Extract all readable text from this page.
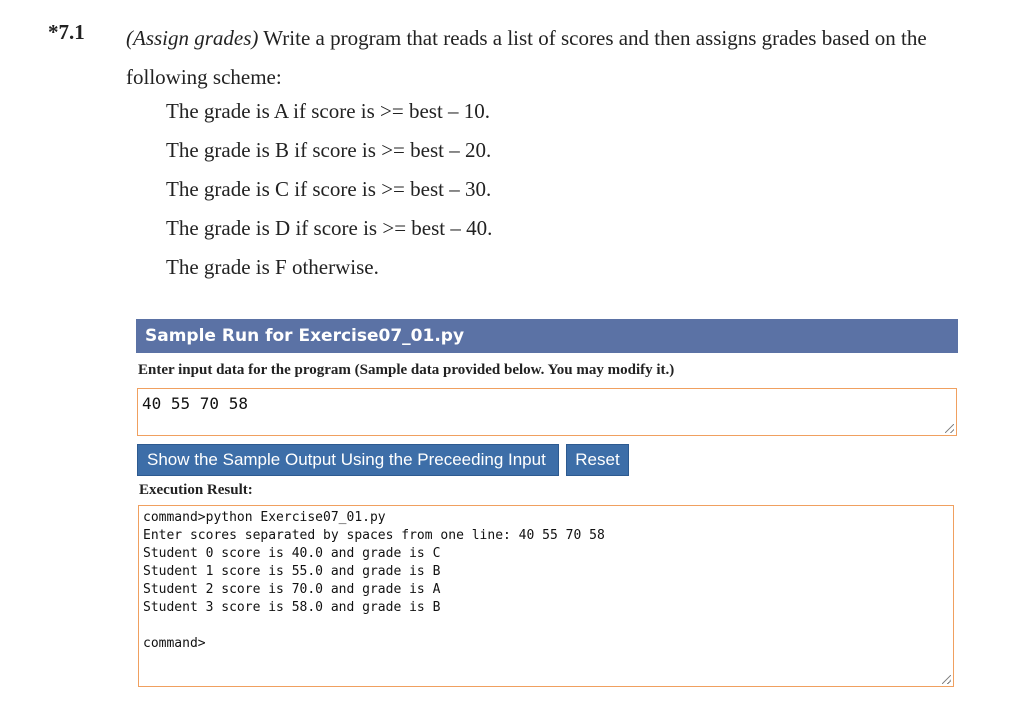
*7.1 (Assign grades) Write a program that reads a list of scores and then assigns grades based on the following scheme:
The grade is A if score is >= best – 10.
The grade is B if score is >= best – 20.
The grade is C if score is >= best – 30.
The grade is D if score is >= best – 40.
The grade is F otherwise.
Sample Run for Exercise07_01.py
Enter input data for the program (Sample data provided below. You may modify it.)
40 55 70 58
Show the Sample Output Using the Preceeding Input	Reset
Execution Result:
command>python Exercise07_01.py
Enter scores separated by spaces from one line: 40 55 70 58
Student 0 score is 40.0 and grade is C
Student 1 score is 55.0 and grade is B
Student 2 score is 70.0 and grade is A
Student 3 score is 58.0 and grade is B
command>
